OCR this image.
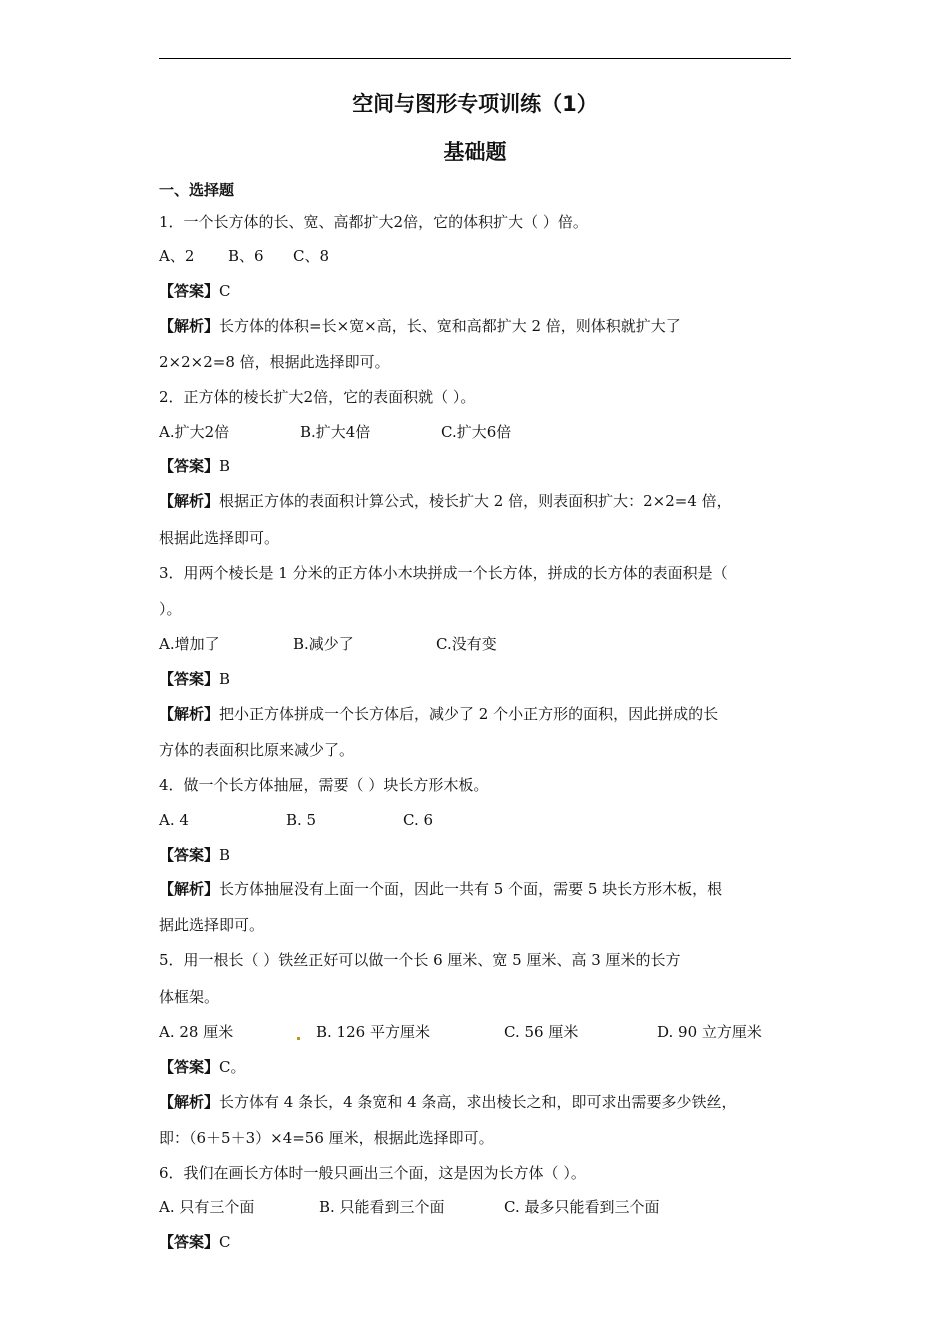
空间与图形专项训练（1）
基础题
一、选择题
1．一个长方体的长、宽、高都扩大2倍，它的体积扩大（ ）倍。
A、2 B、6 C、8
【答案】C
【解析】长方体的体积=长×宽×高，长、宽和高都扩大 2 倍，则体积就扩大了
2×2×2=8 倍，根据此选择即可。
2．正方体的棱长扩大2倍，它的表面积就（ ）。
A.扩大2倍	B.扩大4倍	C.扩大6倍
【答案】B
【解析】根据正方体的表面积计算公式，棱长扩大 2 倍，则表面积扩大：2×2=4 倍，
根据此选择即可。
3．用两个棱长是 1 分米的正方体小木块拼成一个长方体，拼成的长方体的表面积是（
）。
A.增加了	B.减少了	C.没有变
【答案】B
【解析】把小正方体拼成一个长方体后，减少了 2 个小正方形的面积，因此拼成的长
方体的表面积比原来减少了。
4．做一个长方体抽屉，需要（ ）块长方形木板。
A. 4	B. 5	C. 6
【答案】B
【解析】长方体抽屉没有上面一个面，因此一共有 5 个面，需要 5 块长方形木板，根
据此选择即可。
5．用一根长（ ）铁丝正好可以做一个长 6 厘米、宽 5 厘米、高 3 厘米的长方
体框架。
A. 28 厘米	B. 126 平方厘米	C. 56 厘米	D. 90 立方厘米
【答案】C。
【解析】长方体有 4 条长，4 条宽和 4 条高，求出棱长之和，即可求出需要多少铁丝，
即：（6＋5＋3）×4=56 厘米，根据此选择即可。
6．我们在画长方体时一般只画出三个面，这是因为长方体（ ）。
A. 只有三个面	B. 只能看到三个面	C. 最多只能看到三个面
【答案】C
